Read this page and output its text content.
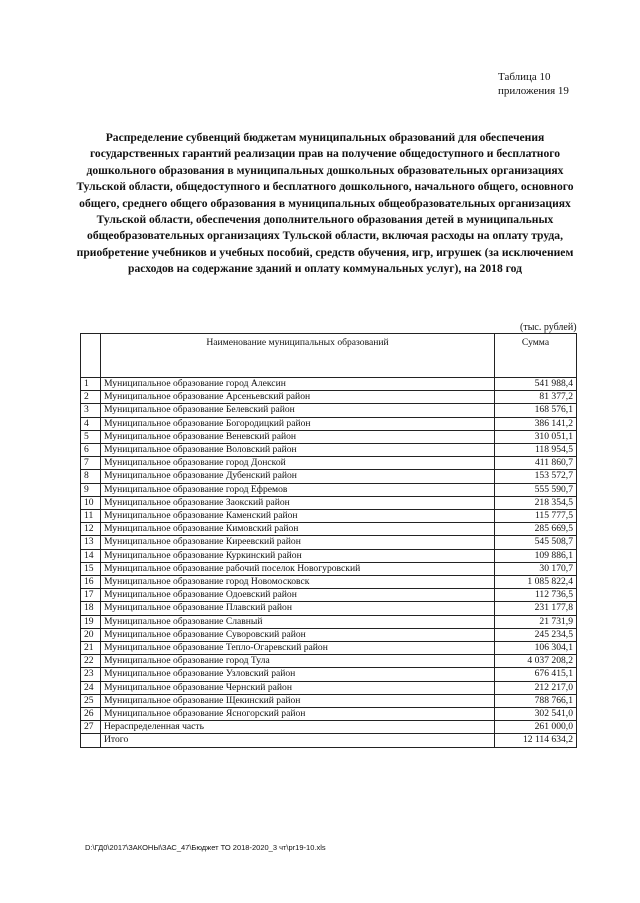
Таблица 10
приложения 19
Распределение субвенций бюджетам муниципальных образований для обеспечения государственных гарантий реализации прав на получение общедоступного и бесплатного дошкольного образования в муниципальных дошкольных образовательных организациях Тульской области, общедоступного и бесплатного дошкольного, начального общего, основного общего, среднего общего образования в муниципальных общеобразовательных организациях Тульской области, обеспечения дополнительного образования детей в муниципальных общеобразовательных организациях Тульской области, включая расходы на оплату труда, приобретение учебников и учебных пособий, средств обучения, игр, игрушек (за исключением расходов на содержание зданий и оплату коммунальных услуг), на 2018 год
(тыс. рублей)
	Наименование муниципальных образований	Сумма
1	Муниципальное образование город Алексин	541 988,4
2	Муниципальное образование Арсеньевский район	81 377,2
3	Муниципальное образование Белевский район	168 576,1
4	Муниципальное образование Богородицкий район	386 141,2
5	Муниципальное образование Веневский район	310 051,1
6	Муниципальное образование Воловский район	118 954,5
7	Муниципальное образование город Донской	411 860,7
8	Муниципальное образование Дубенский район	153 572,7
9	Муниципальное образование город Ефремов	555 590,7
10	Муниципальное образование Заокский район	218 354,5
11	Муниципальное образование Каменский район	115 777,5
12	Муниципальное образование Кимовский район	285 669,5
13	Муниципальное образование Киреевский район	545 508,7
14	Муниципальное образование Куркинский район	109 886,1
15	Муниципальное образование рабочий поселок Новогуровский	30 170,7
16	Муниципальное образование город Новомосковск	1 085 822,4
17	Муниципальное образование Одоевский район	112 736,5
18	Муниципальное образование Плавский район	231 177,8
19	Муниципальное образование Славный	21 731,9
20	Муниципальное образование Суворовский район	245 234,5
21	Муниципальное образование Тепло-Огаревский район	106 304,1
22	Муниципальное образование город Тула	4 037 208,2
23	Муниципальное образование Узловский район	676 415,1
24	Муниципальное образование Чернский район	212 217,0
25	Муниципальное образование Щекинский район	788 766,1
26	Муниципальное образование Ясногорский район	302 541,0
27	Нераспределенная часть	261 000,0
	Итого	12 114 634,2
D:\ГД0\2017\ЗАКОНЫ\ЗАС_47\Бюджет ТО 2018-2020_3 чт\pr19-10.xls
